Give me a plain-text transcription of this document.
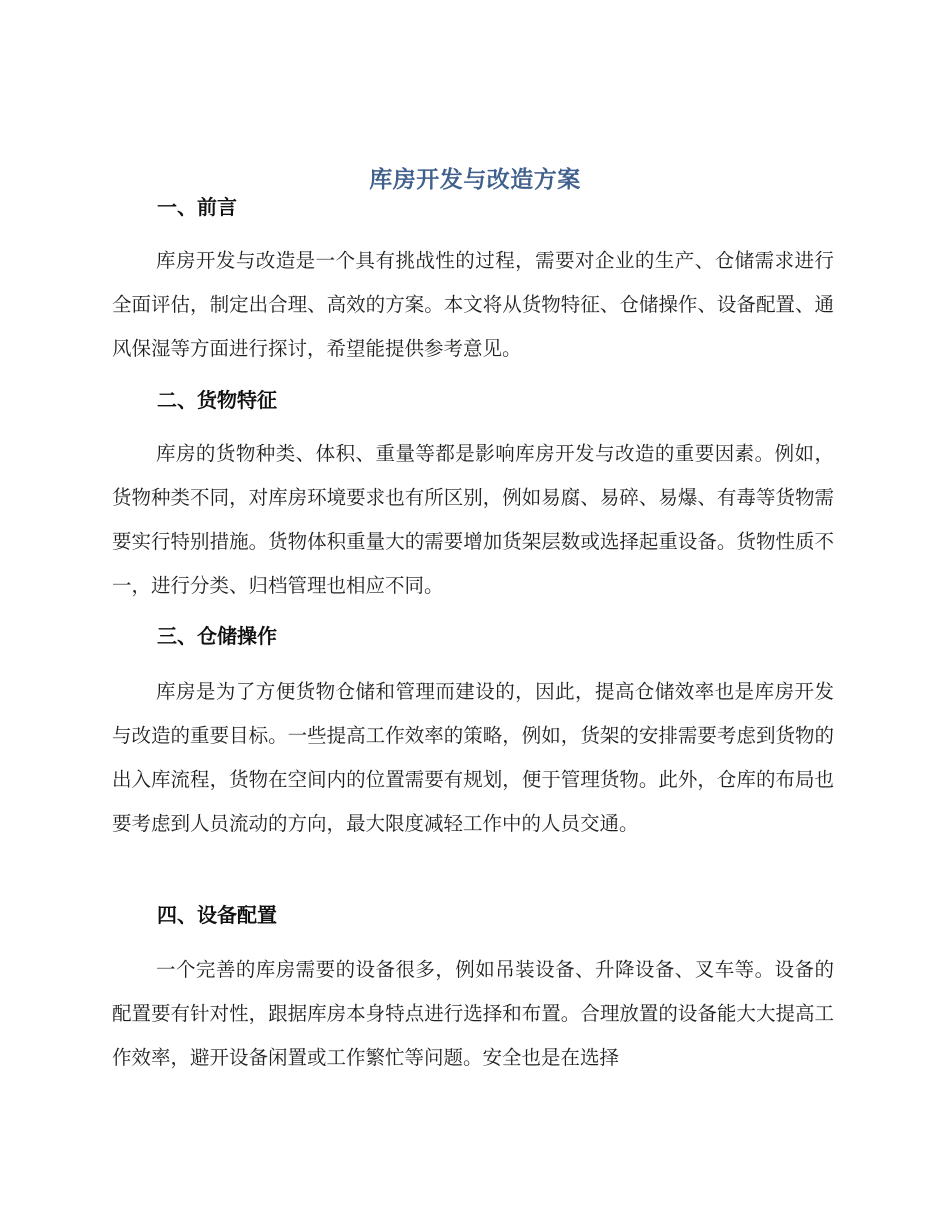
库房开发与改造方案
一、前言

库房开发与改造是一个具有挑战性的过程，需要对企业的生产、仓储需求进行全面评估，制定出合理、高效的方案。本文将从货物特征、仓储操作、设备配置、通风保湿等方面进行探讨，希望能提供参考意见。

二、货物特征

库房的货物种类、体积、重量等都是影响库房开发与改造的重要因素。例如，货物种类不同，对库房环境要求也有所区别，例如易腐、易碎、易爆、有毒等货物需要实行特别措施。货物体积重量大的需要增加货架层数或选择起重设备。货物性质不一，进行分类、归档管理也相应不同。

三、仓储操作

库房是为了方便货物仓储和管理而建设的，因此，提高仓储效率也是库房开发与改造的重要目标。一些提高工作效率的策略，例如，货架的安排需要考虑到货物的出入库流程，货物在空间内的位置需要有规划，便于管理货物。此外，仓库的布局也要考虑到人员流动的方向，最大限度减轻工作中的人员交通。

四、设备配置

一个完善的库房需要的设备很多，例如吊装设备、升降设备、叉车等。设备的配置要有针对性，跟据库房本身特点进行选择和布置。合理放置的设备能大大提高工作效率，避开设备闲置或工作繁忙等问题。安全也是在选择
